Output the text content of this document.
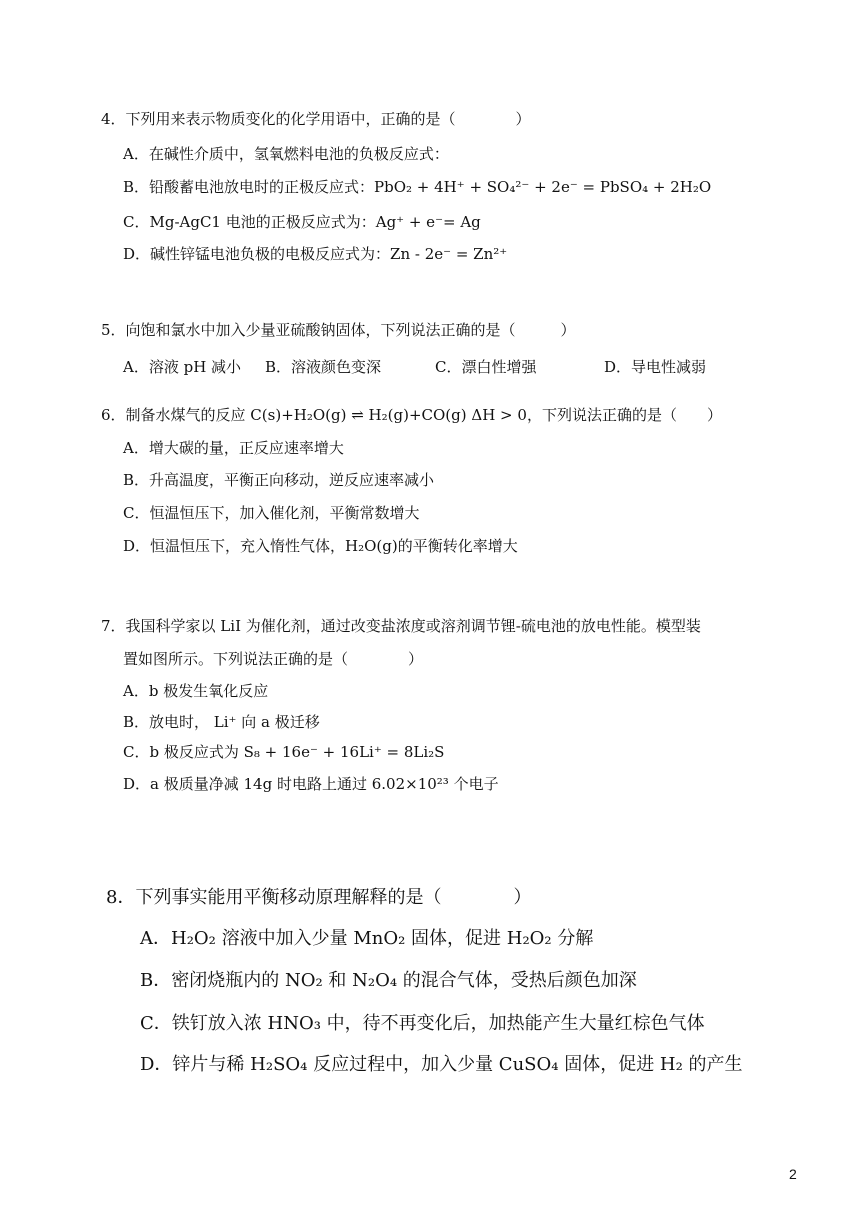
4．下列用来表示物质变化的化学用语中，正确的是（　　　　）
A．在碱性介质中，氢氧燃料电池的负极反应式：
B．铅酸蓄电池放电时的正极反应式：PbO₂ + 4H⁺ + SO₄²⁻ + 2e⁻ = PbSO₄ + 2H₂O
C．Mg-AgC1 电池的正极反应式为：Ag⁺ + e⁻= Ag
D．碱性锌锰电池负极的电极反应式为：Zn - 2e⁻ = Zn²⁺
5．向饱和氯水中加入少量亚硫酸钠固体，下列说法正确的是（　　　）
A．溶液 pH 减小 B．溶液颜色变深	C．漂白性增强	D．导电性减弱
6．制备水煤气的反应 C(s)+H₂O(g) ⇌ H₂(g)+CO(g) ΔH > 0，下列说法正确的是（　　）
A．增大碳的量，正反应速率增大
B．升高温度，平衡正向移动，逆反应速率减小
C．恒温恒压下，加入催化剂，平衡常数增大
D．恒温恒压下，充入惰性气体，H₂O(g)的平衡转化率增大
7．我国科学家以 LiI 为催化剂，通过改变盐浓度或溶剂调节锂-硫电池的放电性能。模型装
置如图所示。下列说法正确的是（　　　　）
A．b 极发生氧化反应
B．放电时， Li⁺ 向 a 极迁移
C．b 极反应式为 S₈ + 16e⁻ + 16Li⁺ = 8Li₂S
D．a 极质量净减 14g 时电路上通过 6.02×10²³ 个电子
8．下列事实能用平衡移动原理解释的是（　　　　）
A．H₂O₂ 溶液中加入少量 MnO₂ 固体，促进 H₂O₂ 分解
B．密闭烧瓶内的 NO₂ 和 N₂O₄ 的混合气体，受热后颜色加深
C．铁钉放入浓 HNO₃ 中，待不再变化后，加热能产生大量红棕色气体
D．锌片与稀 H₂SO₄ 反应过程中，加入少量 CuSO₄ 固体，促进 H₂ 的产生
2
